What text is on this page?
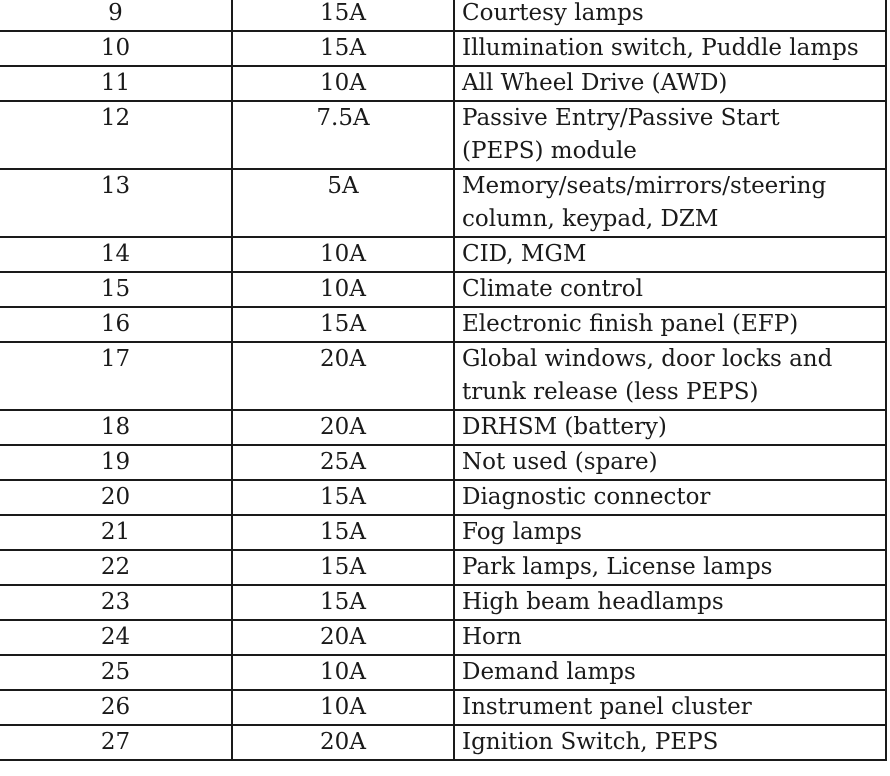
9	15A	Courtesy lamps
10	15A	Illumination switch, Puddle lamps
11	10A	All Wheel Drive (AWD)
12	7.5A	Passive Entry/Passive Start
(PEPS) module
13	5A	Memory/seats/mirrors/steering
column, keypad, DZM
14	10A	CID, MGM
15	10A	Climate control
16	15A	Electronic finish panel (EFP)
17	20A	Global windows, door locks and
trunk release (less PEPS)
18	20A	DRHSM (battery)
19	25A	Not used (spare)
20	15A	Diagnostic connector
21	15A	Fog lamps
22	15A	Park lamps, License lamps
23	15A	High beam headlamps
24	20A	Horn
25	10A	Demand lamps
26	10A	Instrument panel cluster
27	20A	Ignition Switch, PEPS
